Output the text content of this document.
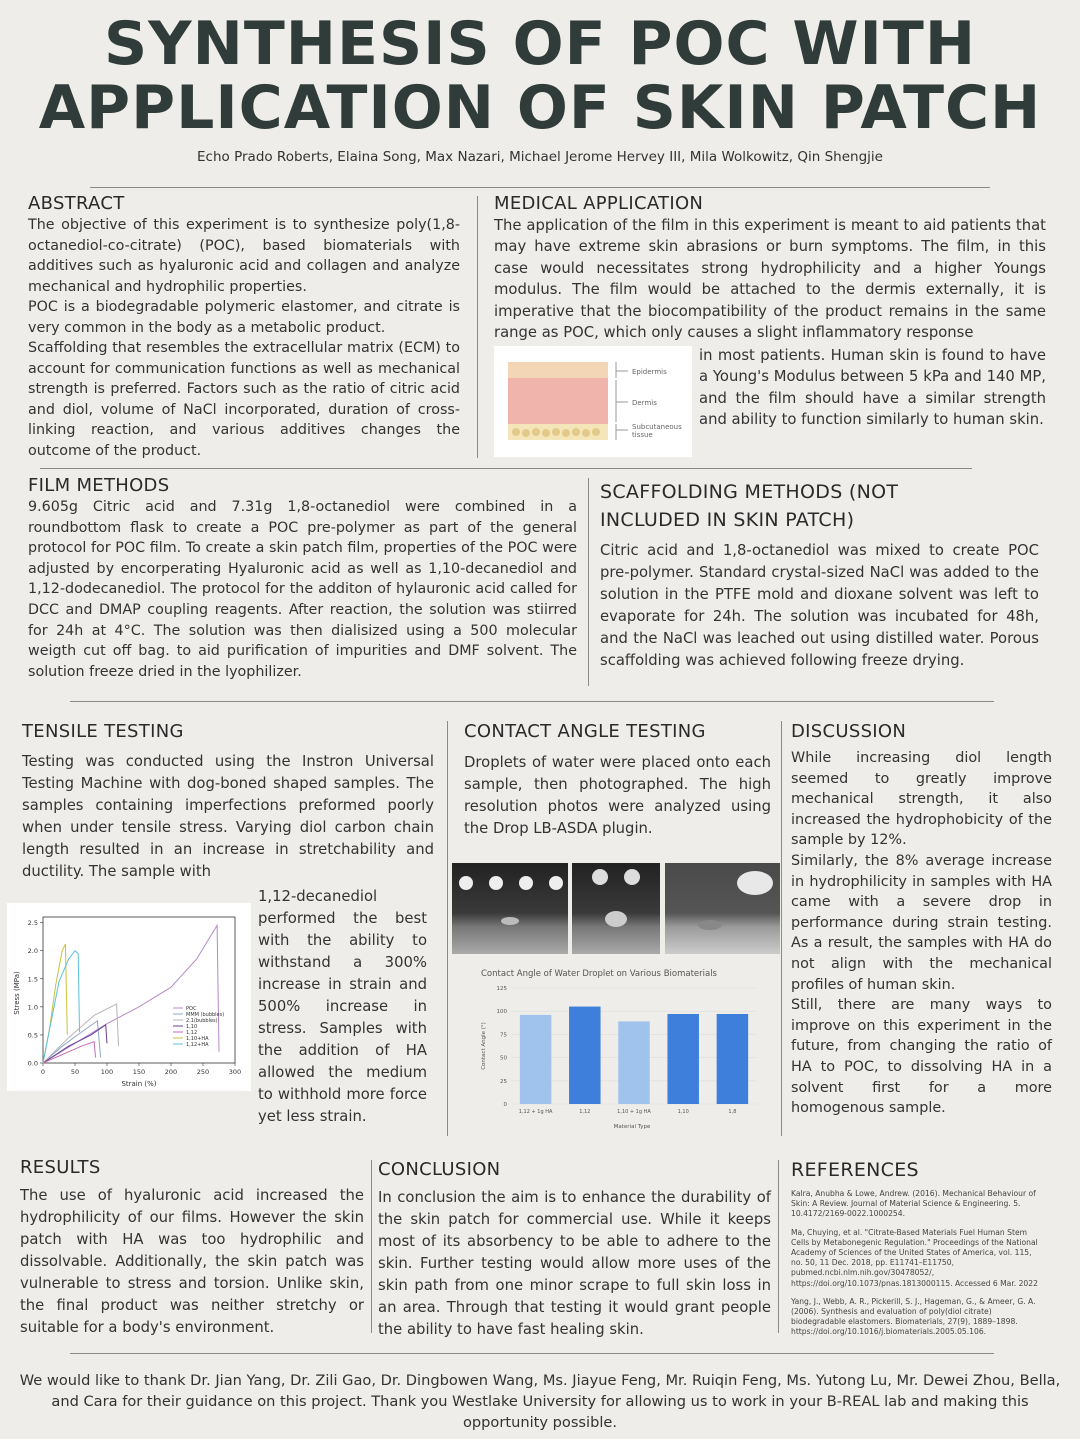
SYNTHESIS OF POC WITH
APPLICATION OF SKIN PATCH
Echo Prado Roberts, Elaina Song, Max Nazari, Michael Jerome Hervey III, Mila Wolkowitz, Qin Shengjie
ABSTRACT

The objective of this experiment is to synthesize poly(1,8-octanediol-co-citrate) (POC), based biomaterials with additives such as hyaluronic acid and collagen and analyze mechanical and hydrophilic properties.

POC is a biodegradable polymeric elastomer, and citrate is very common in the body as a metabolic product.

Scaffolding that resembles the extracellular matrix (ECM) to account for communication functions as well as mechanical strength is preferred. Factors such as the ratio of citric acid and diol, volume of NaCl incorporated, duration of cross-linking reaction, and various additives changes the outcome of the product.

MEDICAL APPLICATION

The application of the film in this experiment is meant to aid patients that may have extreme skin abrasions or burn symptoms. The film, in this case would necessitates strong hydrophilicity and a higher Youngs modulus. The film would be attached to the dermis externally, it is imperative that the biocompatibility of the product remains in the same range as POC, which only causes a slight inflammatory response

Epidermis
Dermis
Subcutaneous
tissue

in most patients. Human skin is found to have a Young's Modulus between 5 kPa and 140 MP, and the film should have a similar strength and ability to function similarly to human skin.

FILM METHODS

9.605g Citric acid and 7.31g 1,8-octanediol were combined in a roundbottom flask to create a POC pre-polymer as part of the general protocol for POC film. To create a skin patch film, properties of the POC were adjusted by encorperating Hyaluronic acid as well as 1,10-decanediol and 1,12-dodecanediol. The protocol for the additon of hylauronic acid called for DCC and DMAP coupling reagents. After reaction, the solution was stiirred for 24h at 4°C. The solution was then dialisized using a 500 molecular weigth cut off bag. to aid purification of impurities and DMF solvent. The solution freeze dried in the lyophilizer.

SCAFFOLDING METHODS (NOT
INCLUDED IN SKIN PATCH)

Citric acid and 1,8-octanediol was mixed to create POC pre-polymer. Standard crystal-sized NaCl was added to the solution in the PTFE mold and dioxane solvent was left to evaporate for 24h. The solution was incubated for 48h, and the NaCl was leached out using distilled water. Porous scaffolding was achieved following freeze drying.

TENSILE TESTING

Testing was conducted using the Instron Universal Testing Machine with dog-boned shaped samples. The samples containing imperfections preformed poorly when under tensile stress. Varying diol carbon chain length resulted in an increase in stretchability and ductility. The sample with

1,12-decanediol performed the best with the ability to withstand a 300% increase in strain and 500% increase in stress. Samples with the addition of HA allowed the medium to withhold more force yet less strain.

Stress (MPa)
Strain (%)
0	50	100	150	200	250	300
0.0
0.5
1.0
1.5
2.0
2.5
POC
MMM (bubbles)
2.1(bubbles)
1,10
1,12
1,10+HA
1,12+HA
CONTACT ANGLE TESTING

Droplets of water were placed onto each sample, then photographed. The high resolution photos were analyzed using the Drop LB-ASDA plugin.

Contact Angle of Water Droplet on Various Biomaterials
Contact Angle (°)
Material Type
0
25
50
75
100
125
1,12 + 1g HA	1,12	1,10 + 1g HA	1,10	1,8
DISCUSSION

While increasing diol length seemed to greatly improve mechanical strength, it also increased the hydrophobicity of the sample by 12%.

Similarly, the 8% average increase in hydrophilicity in samples with HA came with a severe drop in performance during strain testing. As a result, the samples with HA do not align with the mechanical profiles of human skin.

Still, there are many ways to improve on this experiment in the future, from changing the ratio of HA to POC, to dissolving HA in a solvent first for a more homogenous sample.

RESULTS

The use of hyaluronic acid increased the hydrophilicity of our films. However the skin patch with HA was too hydrophilic and dissolvable. Additionally, the skin patch was vulnerable to stress and torsion. Unlike skin, the final product was neither stretchy or suitable for a body's environment.

CONCLUSION

In conclusion the aim is to enhance the durability of the skin patch for commercial use. While it keeps most of its absorbency to be able to adhere to the skin. Further testing would allow more uses of the skin path from one minor scrape to full skin loss in an area. Through that testing it would grant people the ability to have fast healing skin.

REFERENCES

Kalra, Anubha & Lowe, Andrew. (2016). Mechanical Behaviour of Skin: A Review. Journal of Material Science & Engineering. 5. 10.4172/2169-0022.1000254.

Ma, Chuying, et al. "Citrate-Based Materials Fuel Human Stem Cells by Metabonegenic Regulation." Proceedings of the National Academy of Sciences of the United States of America, vol. 115, no. 50, 11 Dec. 2018, pp. E11741–E11750, pubmed.ncbi.nlm.nih.gov/30478052/, https://doi.org/10.1073/pnas.1813000115. Accessed 6 Mar. 2022

Yang, J., Webb, A. R., Pickerill, S. J., Hageman, G., & Ameer, G. A. (2006). Synthesis and evaluation of poly(diol citrate) biodegradable elastomers. Biomaterials, 27(9), 1889–1898. https://doi.org/10.1016/j.biomaterials.2005.05.106.

We would like to thank Dr. Jian Yang, Dr. Zili Gao, Dr. Dingbowen Wang, Ms. Jiayue Feng, Mr. Ruiqin Feng, Ms. Yutong Lu, Mr. Dewei Zhou, Bella, and Cara for their guidance on this project. Thank you Westlake University for allowing us to work in your B-REAL lab and making this opportunity possible.
